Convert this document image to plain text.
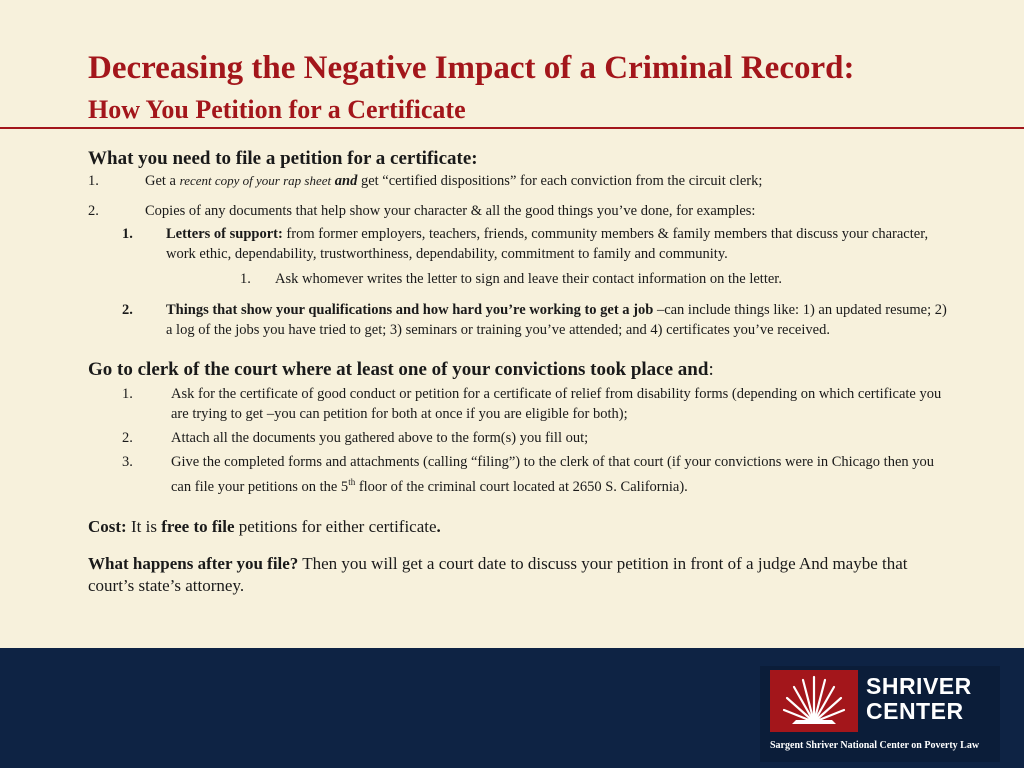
Decreasing the Negative Impact of a Criminal Record:
How You Petition for a Certificate

What you need to file a petition for a certificate:

1.	Get a recent copy of your rap sheet and get “certified dispositions” for each conviction from the circuit clerk;
2.	Copies of any documents that help show your character & all the good things you’ve done, for examples:
1. Letters of support: from former employers, teachers, friends, community members & family members that discuss your character, work ethic, dependability, trustworthiness, dependability, commitment to family and community.
1. Ask whomever writes the letter to sign and leave their contact information on the letter.
2. Things that show your qualifications and how hard you’re working to get a job –can include things like: 1) an updated resume; 2) a log of the jobs you have tried to get; 3) seminars or training you’ve attended; and 4) certificates you’ve received.

Go to clerk of the court where at least one of your convictions took place and:

1.	Ask for the certificate of good conduct or petition for a certificate of relief from disability forms (depending on which certificate you are trying to get –you can petition for both at once if you are eligible for both);
2.	Attach all the documents you gathered above to the form(s) you fill out;
3.	Give the completed forms and attachments (calling “filing”) to the clerk of that court (if your convictions were in Chicago then you can file your petitions on the 5th floor of the criminal court located at 2650 S. California).

Cost: It is free to file petitions for either certificate.

What happens after you file? Then you will get a court date to discuss your petition in front of a judge And maybe that court’s state’s attorney.

SHRIVER
CENTER
Sargent Shriver National Center on Poverty Law
